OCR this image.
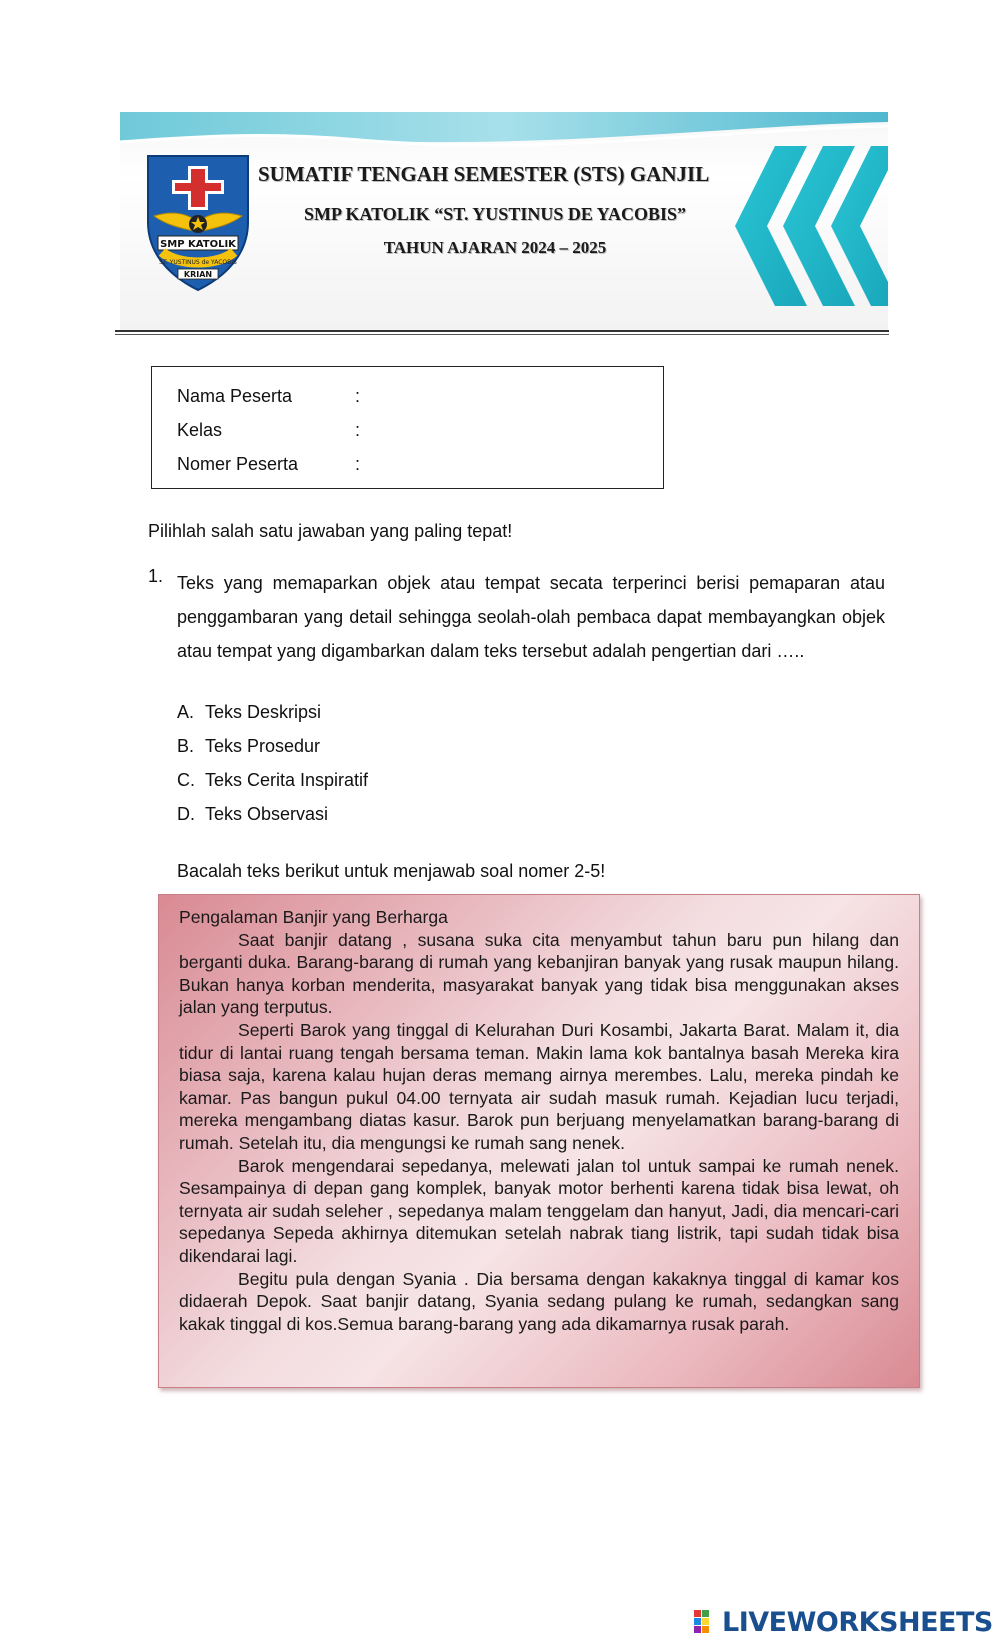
SMP KATOLIK
ST. YUSTINUS de YACOBIS
KRIAN
SUMATIF TENGAH SEMESTER (STS) GANJIL
SMP KATOLIK “ST. YUSTINUS DE YACOBIS”
TAHUN AJARAN 2024 – 2025
Nama Peserta	:
Kelas	:
Nomer Peserta	:
Pilihlah salah satu jawaban yang paling tepat!
1. Teks yang memaparkan objek atau tempat secata terperinci berisi pemaparan atau penggambaran yang detail sehingga seolah-olah pembaca dapat membayangkan objek atau tempat yang digambarkan dalam teks tersebut adalah pengertian dari …..
A. Teks Deskripsi
B. Teks Prosedur
C. Teks Cerita Inspiratif
D. Teks Observasi
Bacalah teks berikut untuk menjawab soal nomer 2-5!

Pengalaman Banjir yang Berharga

Saat banjir datang , susana suka cita menyambut tahun baru pun hilang dan berganti duka. Barang-barang di rumah yang kebanjiran banyak yang rusak maupun hilang. Bukan hanya korban menderita, masyarakat banyak yang tidak bisa menggunakan akses jalan yang terputus.

Seperti Barok yang tinggal di Kelurahan Duri Kosambi, Jakarta Barat. Malam it, dia tidur di lantai ruang tengah bersama teman. Makin lama kok bantalnya basah Mereka kira biasa saja, karena kalau hujan deras memang airnya merembes. Lalu, mereka pindah ke kamar. Pas bangun pukul 04.00 ternyata air sudah masuk rumah. Kejadian lucu terjadi, mereka mengambang diatas kasur. Barok pun berjuang menyelamatkan barang-barang di rumah. Setelah itu, dia mengungsi ke rumah sang nenek.

Barok mengendarai sepedanya, melewati jalan tol untuk sampai ke rumah nenek. Sesampainya di depan gang komplek, banyak motor berhenti karena tidak bisa lewat, oh ternyata air sudah seleher , sepedanya malam tenggelam dan hanyut, Jadi, dia mencari-cari sepedanya Sepeda akhirnya ditemukan setelah nabrak tiang listrik, tapi sudah tidak bisa dikendarai lagi.

Begitu pula dengan Syania . Dia bersama dengan kakaknya tinggal di kamar kos didaerah Depok. Saat banjir datang, Syania sedang pulang ke rumah, sedangkan sang kakak tinggal di kos.Semua barang-barang yang ada dikamarnya rusak parah.

LIVEWORKSHEETS
